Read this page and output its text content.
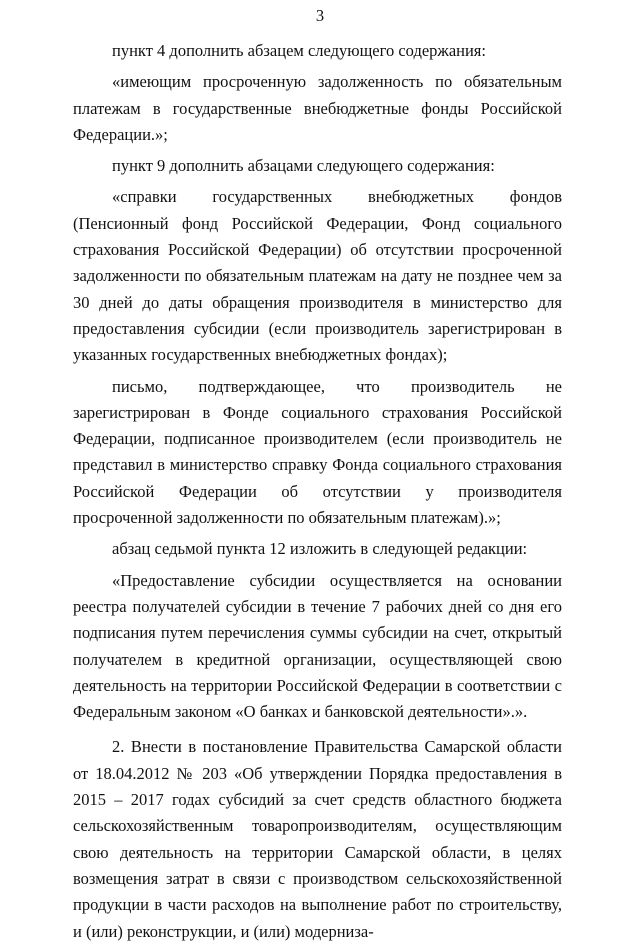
3

пункт 4 дополнить абзацем следующего содержания:

«имеющим просроченную задолженность по обязательным платежам в государственные внебюджетные фонды Российской Федерации.»;

пункт 9 дополнить абзацами следующего содержания:

«справки государственных внебюджетных фондов (Пенсионный фонд Российской Федерации, Фонд социального страхования Российской Федерации) об отсутствии просроченной задолженности по обязательным платежам на дату не позднее чем за 30 дней до даты обращения производителя в министерство для предоставления субсидии (если производитель зарегистрирован в указанных государственных внебюджетных фондах);

письмо, подтверждающее, что производитель не зарегистрирован в Фонде социального страхования Российской Федерации, подписанное производителем (если производитель не представил в министерство справку Фонда социального страхования Российской Федерации об отсутствии у производителя просроченной задолженности по обязательным платежам).»;

абзац седьмой пункта 12 изложить в следующей редакции:

«Предоставление субсидии осуществляется на основании реестра получателей субсидии в течение 7 рабочих дней со дня его подписания путем перечисления суммы субсидии на счет, открытый получателем в кредитной организации, осуществляющей свою деятельность на территории Российской Федерации в соответствии с Федеральным законом «О банках и банковской деятельности».».

2. Внести в постановление Правительства Самарской области от 18.04.2012 № 203 «Об утверждении Порядка предоставления в 2015 – 2017 годах субсидий за счет средств областного бюджета сельскохозяйственным товаропроизводителям, осуществляющим свою деятельность на территории Самарской области, в целях возмещения затрат в связи с производством сельскохозяйственной продукции в части расходов на выполнение работ по строительству, и (или) реконструкции, и (или) модерниза-
